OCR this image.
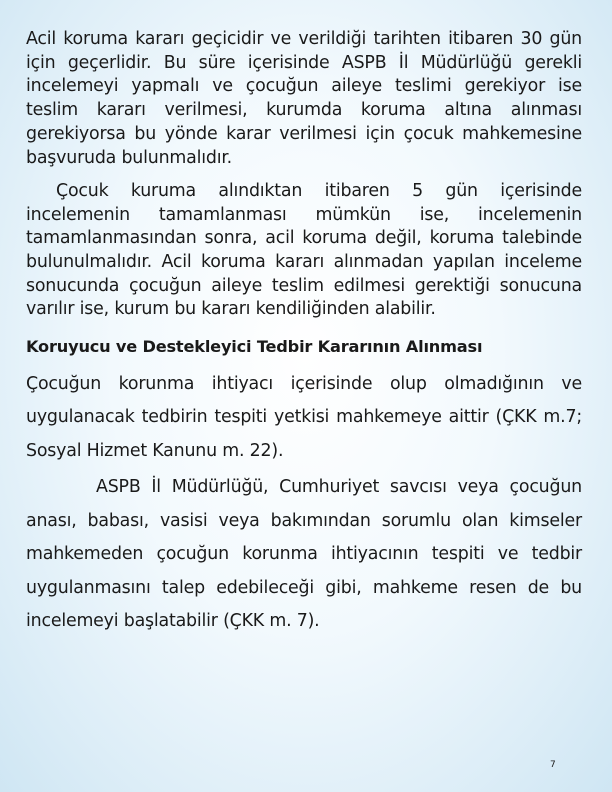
Acil koruma kararı geçicidir ve verildiği tarihten itibaren 30 gün için geçerlidir. Bu süre içerisinde ASPB İl Müdürlüğü gerekli incelemeyi yapmalı ve çocuğun aileye teslimi gerekiyor ise teslim kararı verilmesi, kurumda koruma altına alınması gerekiyorsa bu yönde karar verilmesi için çocuk mahkemesine başvuruda bulunmalıdır.

Çocuk kuruma alındıktan itibaren 5 gün içerisinde incelemenin tamamlanması mümkün ise, incelemenin tamamlanmasından sonra, acil koruma değil, koruma talebinde bulunulmalıdır. Acil koruma kararı alınmadan yapılan inceleme sonucunda çocuğun aileye teslim edilmesi gerektiği sonucuna varılır ise, kurum bu kararı kendiliğinden alabilir.

Koruyucu ve Destekleyici Tedbir Kararının Alınması

Çocuğun korunma ihtiyacı içerisinde olup olmadığının ve uygulanacak tedbirin tespiti yetkisi mahkemeye aittir (ÇKK m.7; Sosyal Hizmet Kanunu m. 22).

ASPB İl Müdürlüğü, Cumhuriyet savcısı veya çocuğun anası, babası, vasisi veya bakımından sorumlu olan kimseler mahkemeden çocuğun korunma ihtiyacının tespiti ve tedbir uygulanmasını talep edebileceği gibi, mahkeme resen de bu incelemeyi başlatabilir (ÇKK m. 7).

7
